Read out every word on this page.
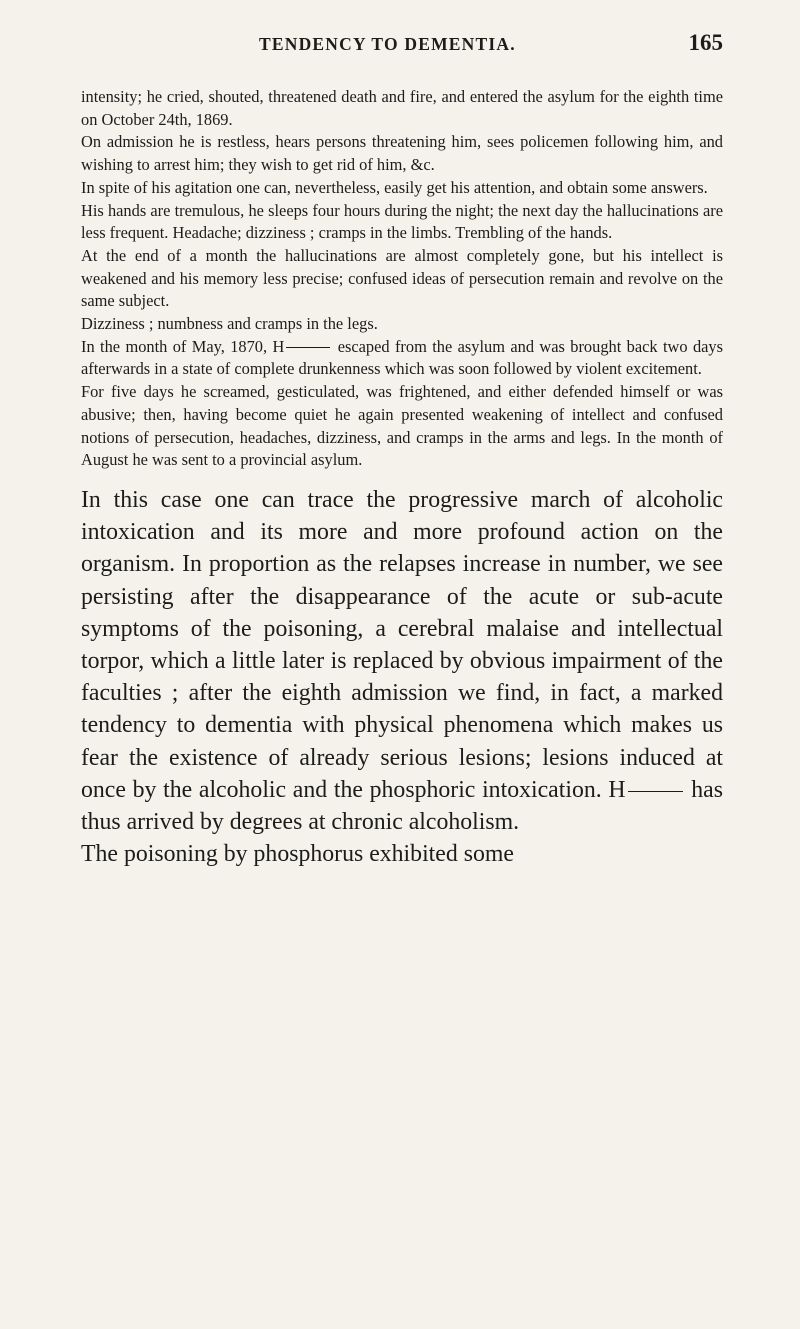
TENDENCY TO DEMENTIA.	165

intensity; he cried, shouted, threatened death and fire, and entered the asylum for the eighth time on October 24th, 1869.

On admission he is restless, hears persons threatening him, sees policemen following him, and wishing to arrest him; they wish to get rid of him, &c.

In spite of his agitation one can, nevertheless, easily get his attention, and obtain some answers.

His hands are tremulous, he sleeps four hours during the night; the next day the hallucinations are less frequent. Headache; dizziness ; cramps in the limbs. Trembling of the hands.

At the end of a month the hallucinations are almost completely gone, but his intellect is weakened and his memory less precise; confused ideas of persecution remain and revolve on the same subject.

Dizziness ; numbness and cramps in the legs.

In the month of May, 1870, H	escaped from the asylum and was brought back two days afterwards in a state of complete drunkenness which was soon followed by violent excitement.

For five days he screamed, gesticulated, was frightened, and either defended himself or was abusive; then, having become quiet he again presented weakening of intellect and confused notions of persecution, headaches, dizziness, and cramps in the arms and legs. In the month of August he was sent to a provincial asylum.

In this case one can trace the progressive march of alcoholic intoxication and its more and more profound action on the organism. In proportion as the relapses increase in number, we see persisting after the disappearance of the acute or sub-acute symptoms of the poisoning, a cerebral malaise and intellectual torpor, which a little later is replaced by obvious impairment of the faculties ; after the eighth admission we find, in fact, a marked tendency to dementia with physical phenomena which makes us fear the existence of already serious lesions; lesions induced at once by the alcoholic and the phosphoric intoxication. H has thus arrived by degrees at chronic alcoholism.

The poisoning by phosphorus exhibited some
